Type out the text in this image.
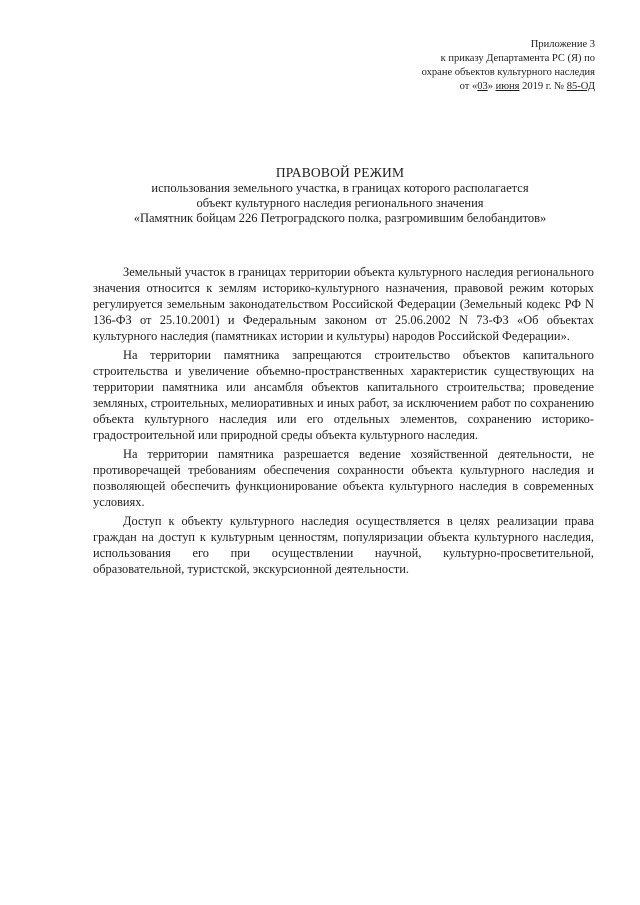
Приложение 3
к приказу Департамента РС (Я) по
охране объектов культурного наследия
от «03» июня 2019 г. № 85-ОД
ПРАВОВОЙ РЕЖИМ
использования земельного участка, в границах которого располагается
объект культурного наследия регионального значения
«Памятник бойцам 226 Петроградского полка, разгромившим белобандитов»

Земельный участок в границах территории объекта культурного наследия регионального значения относится к землям историко-культурного назначения, правовой режим которых регулируется земельным законодательством Российской Федерации (Земельный кодекс РФ N 136-ФЗ от 25.10.2001) и Федеральным законом от 25.06.2002 N 73-ФЗ «Об объектах культурного наследия (памятниках истории и культуры) народов Российской Федерации».

На территории памятника запрещаются строительство объектов капитального строительства и увеличение объемно-пространственных характеристик существующих на территории памятника или ансамбля объектов капитального строительства; проведение земляных, строительных, мелиоративных и иных работ, за исключением работ по сохранению объекта культурного наследия или его отдельных элементов, сохранению историко-градостроительной или природной среды объекта культурного наследия.

На территории памятника разрешается ведение хозяйственной деятельности, не противоречащей требованиям обеспечения сохранности объекта культурного наследия и позволяющей обеспечить функционирование объекта культурного наследия в современных условиях.

Доступ к объекту культурного наследия осуществляется в целях реализации права граждан на доступ к культурным ценностям, популяризации объекта культурного наследия, использования его при осуществлении научной, культурно-просветительной, образовательной, туристской, экскурсионной деятельности.
